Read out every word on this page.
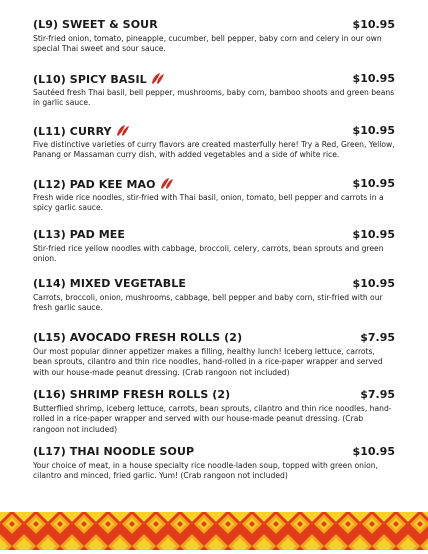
(L9) SWEET & SOUR	$10.95
Stir-fried onion, tomato, pineapple, cucumber, bell pepper, baby corn and celery in our own special Thai sweet and sour sauce.
(L10) SPICY BASIL	$10.95
Sautéed fresh Thai basil, bell pepper, mushrooms, baby corn, bamboo shoots and green beans in garlic sauce.
(L11) CURRY	$10.95
Five distinctive varieties of curry flavors are created masterfully here! Try a Red, Green, Yellow, Panang or Massaman curry dish, with added vegetables and a side of white rice.
(L12) PAD KEE MAO	$10.95
Fresh wide rice noodles, stir-fried with Thai basil, onion, tomato, bell pepper and carrots in a spicy garlic sauce.
(L13) PAD MEE	$10.95
Stir-fried rice yellow noodles with cabbage, broccoli, celery, carrots, bean sprouts and green onion.
(L14) MIXED VEGETABLE	$10.95
Carrots, broccoli, onion, mushrooms, cabbage, bell pepper and baby corn, stir-fried with our fresh garlic sauce.
(L15) AVOCADO FRESH ROLLS (2)	$7.95
Our most popular dinner appetizer makes a filling, healthy lunch! Iceberg lettuce, carrots, bean sprouts, cilantro and thin rice noodles, hand-rolled in a rice-paper wrapper and served with our house-made peanut dressing. (Crab rangoon not included)
(L16) SHRIMP FRESH ROLLS (2)	$7.95
Butterflied shrimp, iceberg lettuce, carrots, bean sprouts, cilantro and thin rice noodles, hand-rolled in a rice-paper wrapper and served with our house-made peanut dressing. (Crab rangoon not included)
(L17) THAI NOODLE SOUP	$10.95
Your choice of meat, in a house specialty rice noodle-laden soup, topped with green onion, cilantro and minced, fried garlic. Yum! (Crab rangoon not included)
